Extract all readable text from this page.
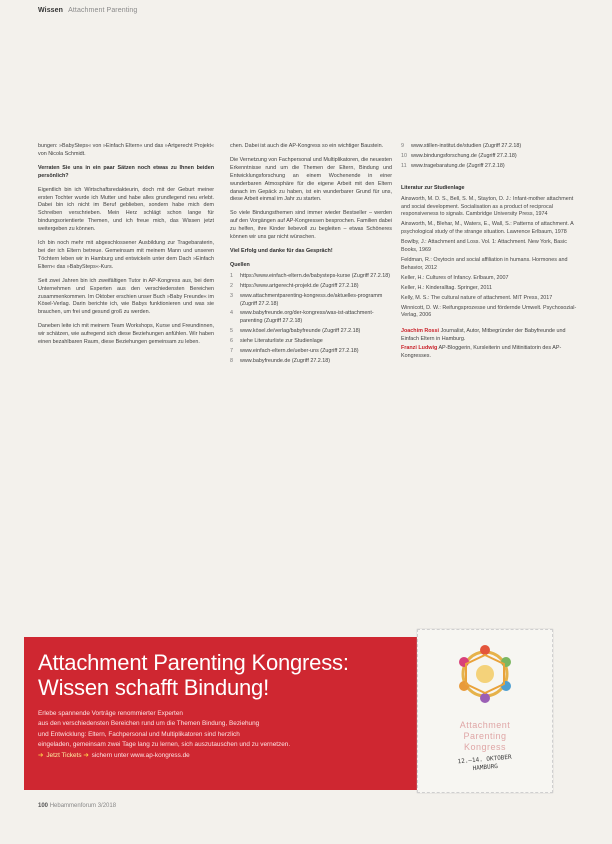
Wissen Attachment Parenting

bungen: »BabySteps« von »Einfach Eltern« und das »Artgerecht Projekt« von Nicola Schmidt.

Verraten Sie uns in ein paar Sätzen noch etwas zu Ihnen beiden persönlich?

Eigentlich bin ich Wirtschaftsredakteurin, doch mit der Geburt meiner ersten Tochter wurde ich Mutter und habe alles grundlegend neu erlebt. Dabei bin ich nicht im Beruf geblieben, sondern habe mich dem Schreiben verschrieben. Mein Herz schlägt schon lange für bindungsorientierte Themen, und ich freue mich, das Wissen jetzt weitergeben zu können.

Ich bin noch mehr mit abgeschlossener Ausbildung zur Tragebaraterin, bei der ich Eltern betreue. Gemeinsam mit meinem Mann und unseren Töchtern leben wir in Hamburg und entwickeln unter dem Dach »Einfach Eltern« das »BabySteps«-Kurs.

Seit zwei Jahren bin ich zweifältigen Tutor in AP-Kongress aus, bei dem Unternehmen und Experten aus den verschiedensten Bereichen zusammenkommen. Im Oktober erschien unser Buch »Baby Freunde« im Kösel-Verlag. Darin berichte ich, wie Babys funktionieren und was sie brauchen, um frei und gesund groß zu werden.

Daneben leite ich mit meinem Team Workshops, Kurse und Freundinnen, wir schätzen, wie aufregend sich diese Beziehungen anfühlen. Wir haben einen bezahlbaren Raum, diese Beziehungen gemeinsam zu leben.

chen. Dabei ist auch die AP-Kongress so ein wichtiger Baustein.

Die Vernetzung von Fachpersonal und Multiplikatoren, die neuesten Erkenntnisse rund um die Themen der Eltern, Bindung und Entwicklungsforschung an einem Wochenende in einer wunderbaren Atmosphäre für die eigene Arbeit mit den Eltern danach im Gepäck zu haben, ist ein wunderbarer Grund für uns, diese Arbeit einmal im Jahr zu starten.

So viele Bindungsthemen sind immer wieder Bestseller – werden auf den Vorgängen auf AP-Kongressen besprochen. Familien dabei zu helfen, ihre Kinder liebevoll zu begleiten – etwas Schöneres können wir uns gar nicht wünschen.

Viel Erfolg und danke für das Gespräch!

Quellen
1 https://www.einfach-eltern.de/babysteps-kurse (Zugriff 27.2.18)
2 https://www.artgerecht-projekt.de (Zugriff 27.2.18)
3 www.attachmentparenting-kongress.de/aktuelles-programm (Zugriff 27.2.18)
4 www.babyfreunde.org/der-kongress/was-ist-attachment-parenting (Zugriff 27.2.18)
5 www.kösel.de/verlag/babyfreunde (Zugriff 27.2.18)
6 siehe Literaturliste zur Studienlage
7 www.einfach-eltern.de/ueber-uns (Zugriff 27.2.18)
8 www.babyfreunde.de (Zugriff 27.2.18)
9 www.stillen-institut.de/studien (Zugriff 27.2.18)
10 www.bindungsforschung.de (Zugriff 27.2.18)
11 www.tragebaratung.de (Zugriff 27.2.18)
Literatur zur Studienlage
Ainsworth, M. D. S., Bell, S. M., Stayton, D. J.: Infant-mother attachment and social development. Socialisation as a product of reciprocal responsiveness to signals. Cambridge University Press, 1974
Ainsworth, M., Blehar, M., Waters, E., Wall, S.: Patterns of attachment. A psychological study of the strange situation. Lawrence Erlbaum, 1978
Bowlby, J.: Attachment and Loss. Vol. 1: Attachment. New York, Basic Books, 1969
Feldman, R.: Oxytocin and social affiliation in humans. Hormones and Behavior, 2012
Keller, H.: Cultures of Infancy. Erlbaum, 2007
Keller, H.: Kinderalltag. Springer, 2011
Kelly, M. S.: The cultural nature of attachment. MIT Press, 2017
Winnicott, D. W.: Reifungsprozesse und fördernde Umwelt. Psychosozial-Verlag, 2006
Joachim Rossi Journalist, Autor, Mitbegründer der Babyfreunde und Einfach Eltern in Hamburg.
Franzi Ludwig AP-Bloggerin, Kursleiterin und Mitinitiatorin des AP-Kongresses.
Attachment Parenting Kongress:
Wissen schafft Bindung!
Erlebe spannende Vorträge renommierter Experten
aus den verschiedensten Bereichen rund um die Themen Bindung, Beziehung
und Entwicklung: Eltern, Fachpersonal und Multiplikatoren sind herzlich
eingeladen, gemeinsam zwei Tage lang zu lernen, sich auszutauschen und zu vernetzen.
➔ Jetzt Tickets ➔ sichern unter www.ap-kongress.de
Attachment
Parenting
Kongress
12.–14. OKTOBER
HAMBURG
100 Hebammenforum 3/2018
